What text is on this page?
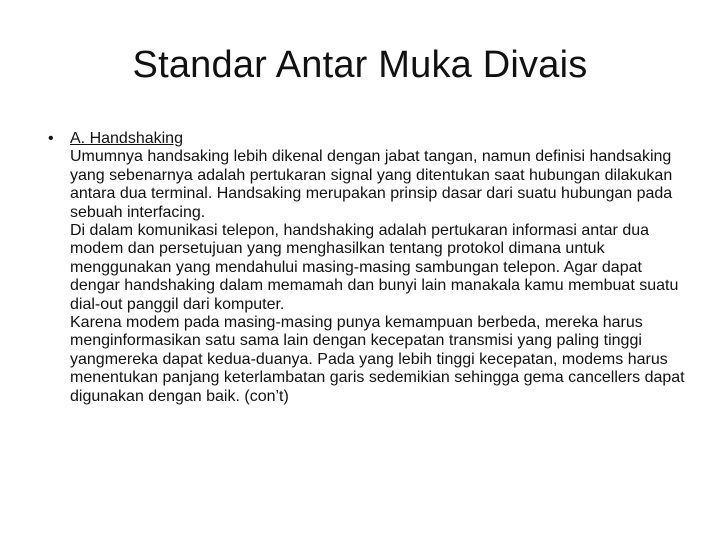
Standar Antar Muka Divais
•	A. Handshaking
Umumnya handsaking lebih dikenal dengan jabat tangan, namun definisi handsaking yang sebenarnya adalah pertukaran signal yang ditentukan saat hubungan dilakukan antara dua terminal. Handsaking merupakan prinsip dasar dari suatu hubungan pada sebuah interfacing.
Di dalam komunikasi telepon, handshaking adalah pertukaran informasi antar dua modem dan persetujuan yang menghasilkan tentang protokol dimana untuk menggunakan yang mendahului masing-masing sambungan telepon. Agar dapat dengar handshaking dalam memamah dan bunyi lain manakala kamu membuat suatu dial-out panggil dari komputer.
Karena modem pada masing-masing punya kemampuan berbeda, mereka harus menginformasikan satu sama lain dengan kecepatan transmisi yang paling tinggi yangmereka dapat kedua-duanya. Pada yang lebih tinggi kecepatan, modems harus menentukan panjang keterlambatan garis sedemikian sehingga gema cancellers dapat digunakan dengan baik. (con’t)
